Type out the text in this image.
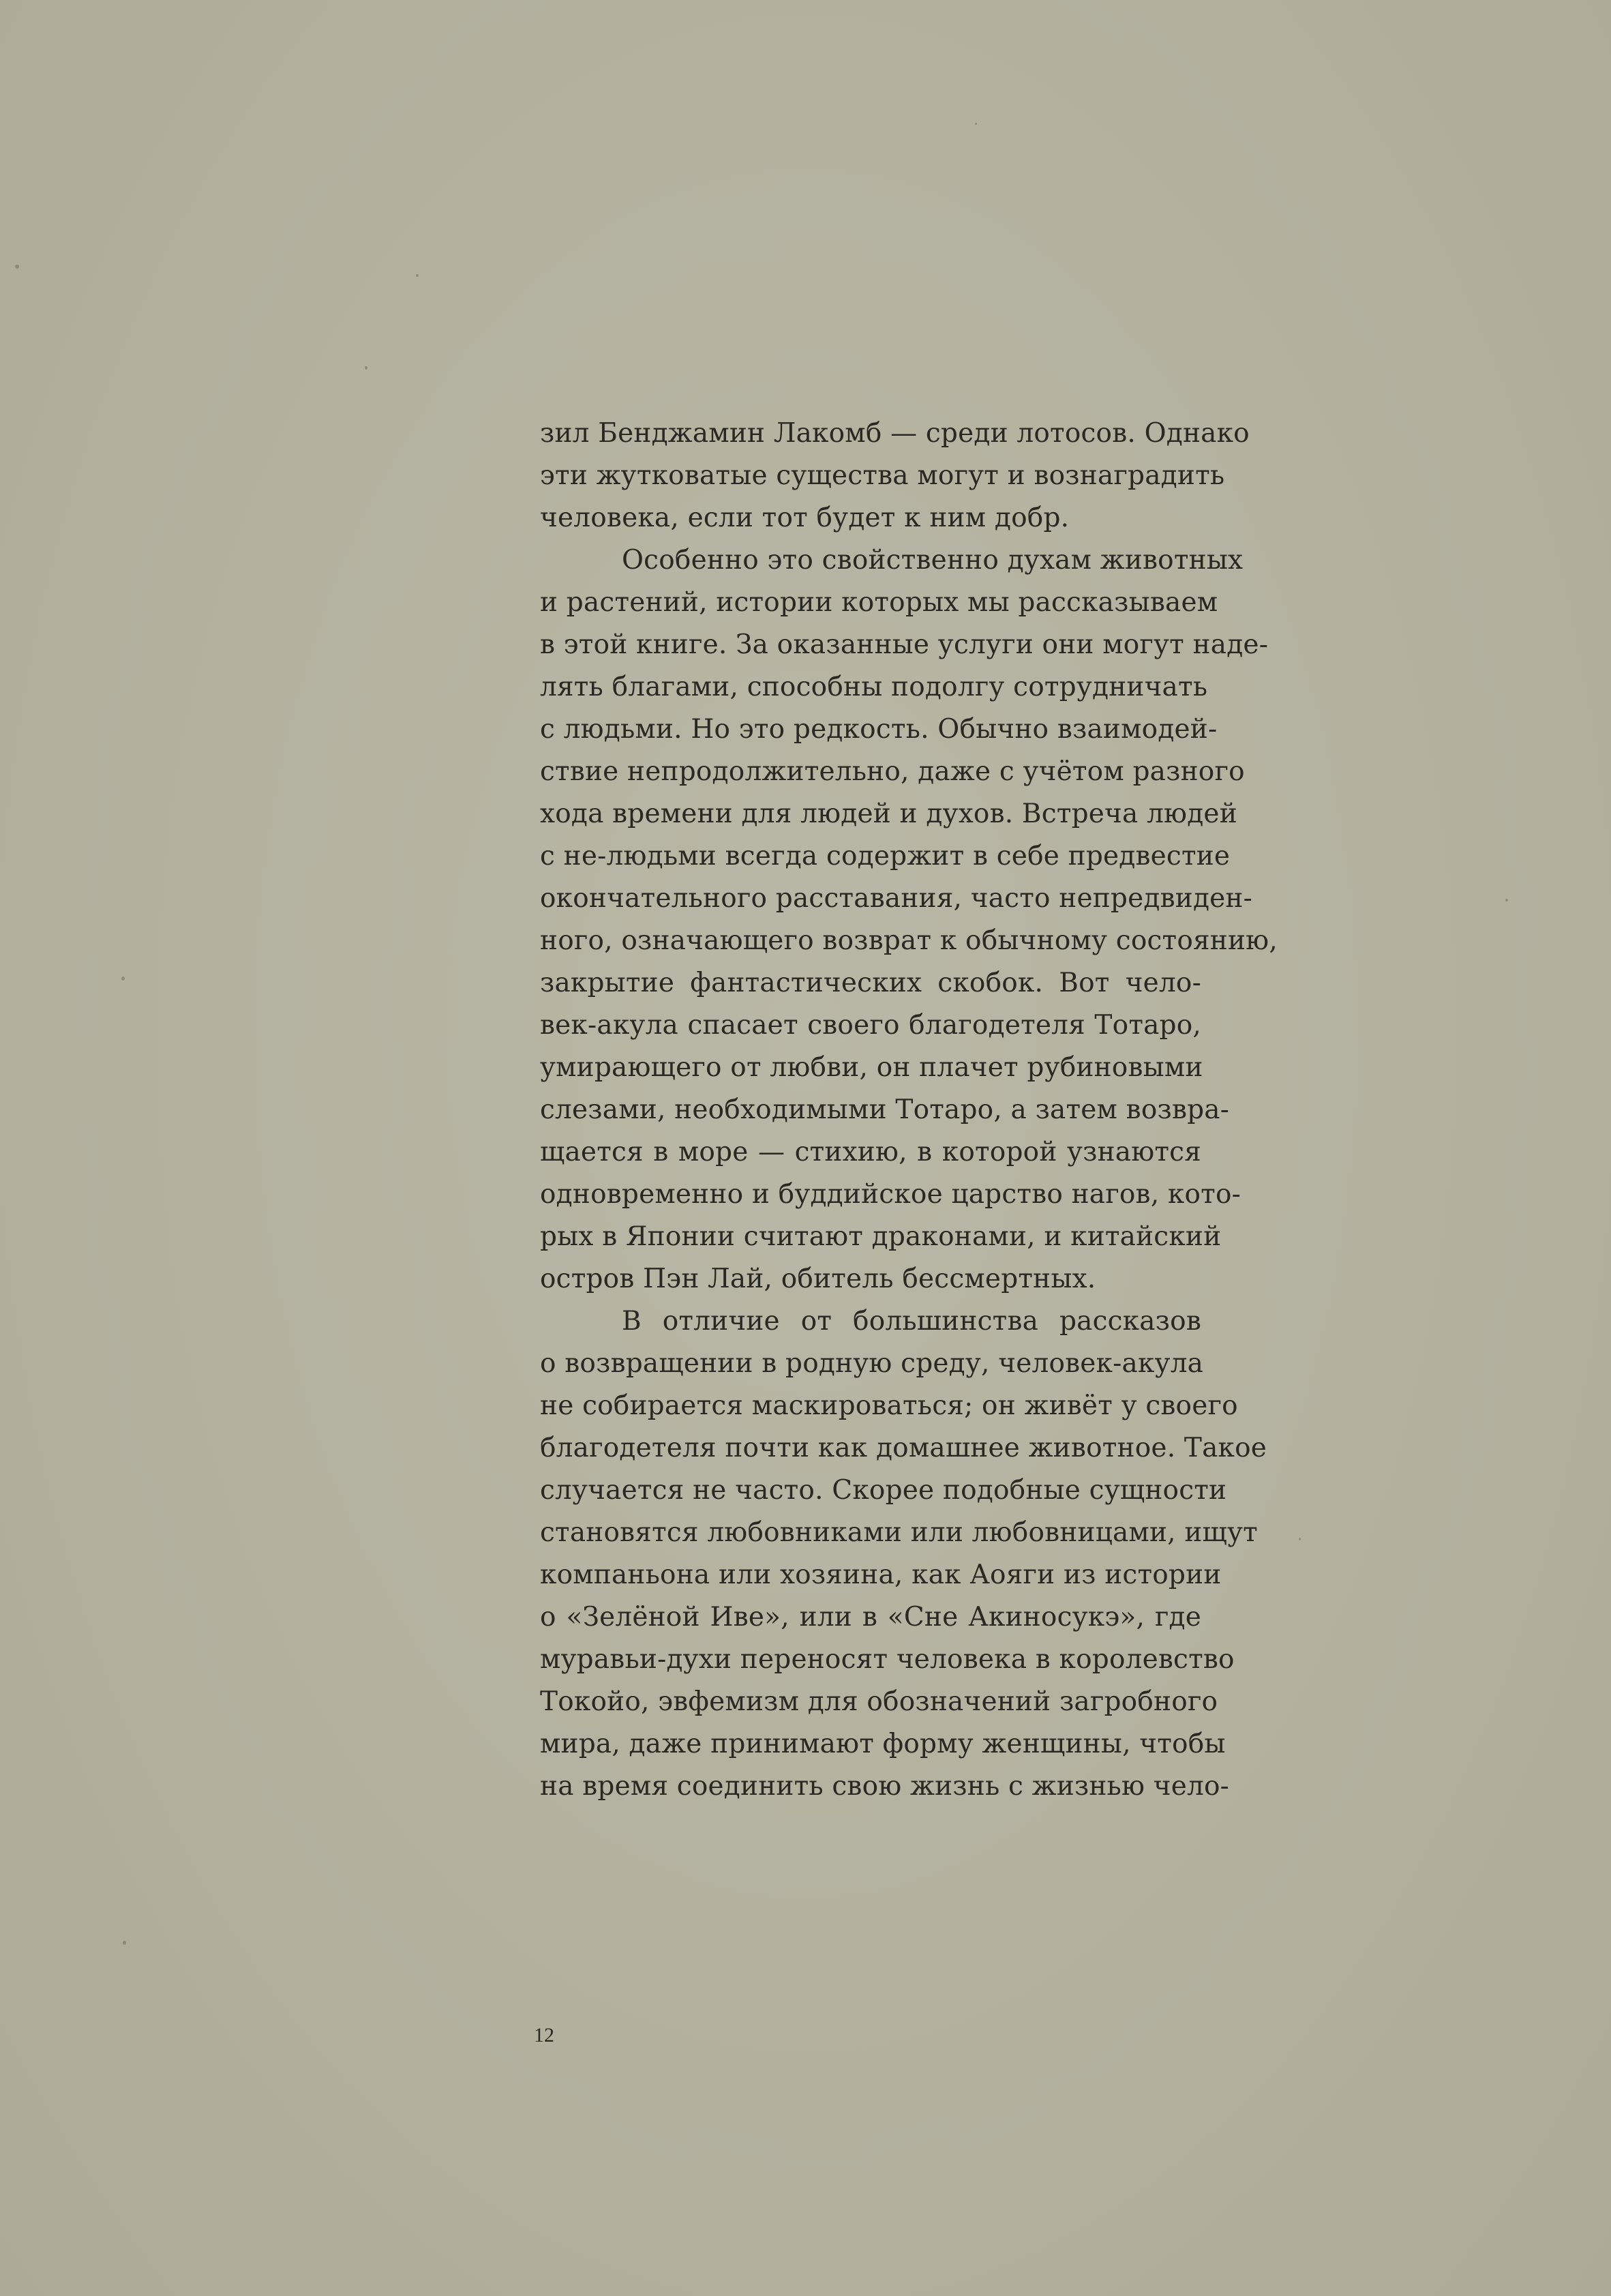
зил Бенджамин Лакомб — среди лотосов. Однако
эти жутковатые существа могут и вознаградить
человека, если тот будет к ним добр.
Особенно это свойственно духам животных
и растений, истории которых мы рассказываем
в этой книге. За оказанные услуги они могут наде-
лять благами, способны подолгу сотрудничать
с людьми. Но это редкость. Обычно взаимодей-
ствие непродолжительно, даже с учётом разного
хода времени для людей и духов. Встреча людей
с не-людьми всегда содержит в себе предвестие
окончательного расставания, часто непредвиден-
ного, означающего возврат к обычному состоянию,
закрытие фантастических скобок. Вот чело-
век-акула спасает своего благодетеля Тотаро,
умирающего от любви, он плачет рубиновыми
слезами, необходимыми Тотаро, а затем возвра-
щается в море — стихию, в которой узнаются
одновременно и буддийское царство нагов, кото-
рых в Японии считают драконами, и китайский
остров Пэн Лай, обитель бессмертных.
В отличие от большинства рассказов
о возвращении в родную среду, человек-акула
не собирается маскироваться; он живёт у своего
благодетеля почти как домашнее животное. Такое
случается не часто. Скорее подобные сущности
становятся любовниками или любовницами, ищут
компаньона или хозяина, как Аояги из истории
о «Зелёной Иве», или в «Сне Акиносукэ», где
муравьи-духи переносят человека в королевство
Токойо, эвфемизм для обозначений загробного
мира, даже принимают форму женщины, чтобы
на время соединить свою жизнь с жизнью чело-
12
